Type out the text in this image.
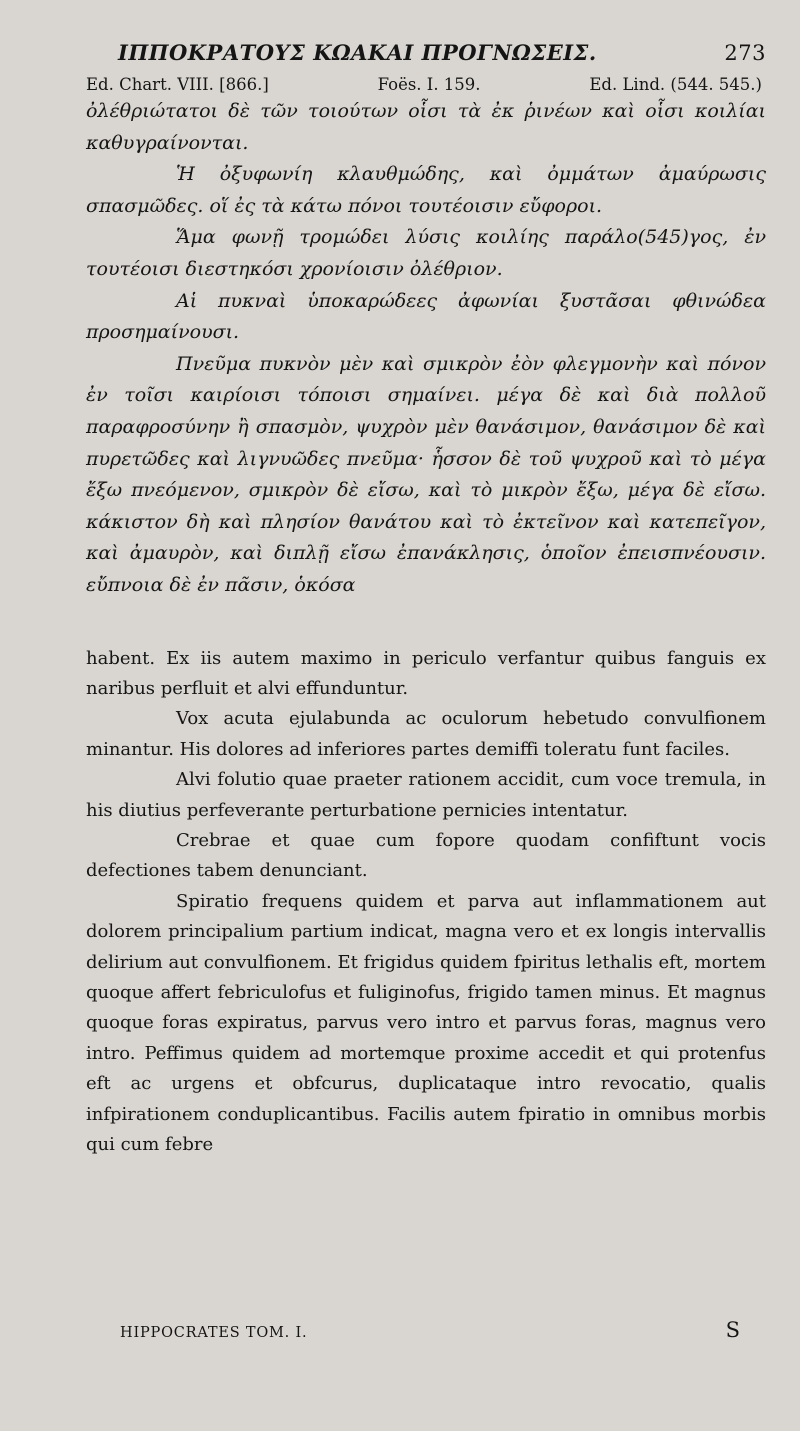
ΙΠΠΟΚΡΑΤΟΥΣ ΚΩΑΚΑΙ ΠΡΟΓΝΩΣΕΙΣ.	273
Ed. Chart. VIII. [866.]	Foës. I. 159.	Ed. Lind. (544. 545.)

ὀλέθριώτατοι δὲ τῶν τοιούτων οἷσι τὰ ἐκ ῥινέων καὶ οἷσι κοιλίαι καθυγραίνονται.

Ἡ ὀξυφωνίη κλαυθμώδης, καὶ ὀμμάτων ἀμαύρωσις σπασμῶδες. οἵ ἐς τὰ κάτω πόνοι τουτέοισιν εὔφοροι.

Ἅμα φωνῇ τρομώδει λύσις κοιλίης παράλο(545)γος, ἐν τουτέοισι διεστηκόσι χρονίοισιν ὀλέθριον.

Αἱ πυκναὶ ὑποκαρώδεες ἀφωνίαι ξυστᾶσαι φθινώδεα προσημαίνουσι.

Πνεῦμα πυκνὸν μὲν καὶ σμικρὸν ἐὸν φλεγμονὴν καὶ πόνον ἐν τοῖσι καιρίοισι τόποισι σημαίνει. μέγα δὲ καὶ διὰ πολλοῦ παραφροσύνην ἢ σπασμὸν, ψυχρὸν μὲν θανάσιμον, θανάσιμον δὲ καὶ πυρετῶδες καὶ λιγνυῶδες πνεῦμα· ἧσσον δὲ τοῦ ψυχροῦ καὶ τὸ μέγα ἔξω πνεόμενον, σμικρὸν δὲ εἴσω, καὶ τὸ μικρὸν ἔξω, μέγα δὲ εἴσω. κάκιστον δὴ καὶ πλησίον θανάτου καὶ τὸ ἐκτεῖνον καὶ κατεπεῖγον, καὶ ἀμαυρὸν, καὶ διπλῇ εἴσω ἐπανάκλησις, ὁποῖον ἐπεισπνέουσιν. εὔπνοια δὲ ἐν πᾶσιν, ὁκόσα

habent. Ex iis autem maximo in periculo verfantur quibus fanguis ex naribus perfluit et alvi effunduntur.

Vox acuta ejulabunda ac oculorum hebetudo convulfionem minantur. His dolores ad inferiores partes demiffi toleratu funt faciles.

Alvi folutio quae praeter rationem accidit, cum voce tremula, in his diutius perfeverante perturbatione pernicies intentatur.

Crebrae et quae cum fopore quodam confiftunt vocis defectiones tabem denunciant.

Spiratio frequens quidem et parva aut inflammationem aut dolorem principalium partium indicat, magna vero et ex longis intervallis delirium aut convulfionem. Et frigidus quidem fpiritus lethalis eft, mortem quoque affert febriculofus et fuliginofus, frigido tamen minus. Et magnus quoque foras expiratus, parvus vero intro et parvus foras, magnus vero intro. Peffimus quidem ad mortemque proxime accedit et qui protenfus eft ac urgens et obfcurus, duplicataque intro revocatio, qualis infpirationem conduplicantibus. Facilis autem fpiratio in omnibus morbis qui cum febre

HIPPOCRATES TOM. I.	S
